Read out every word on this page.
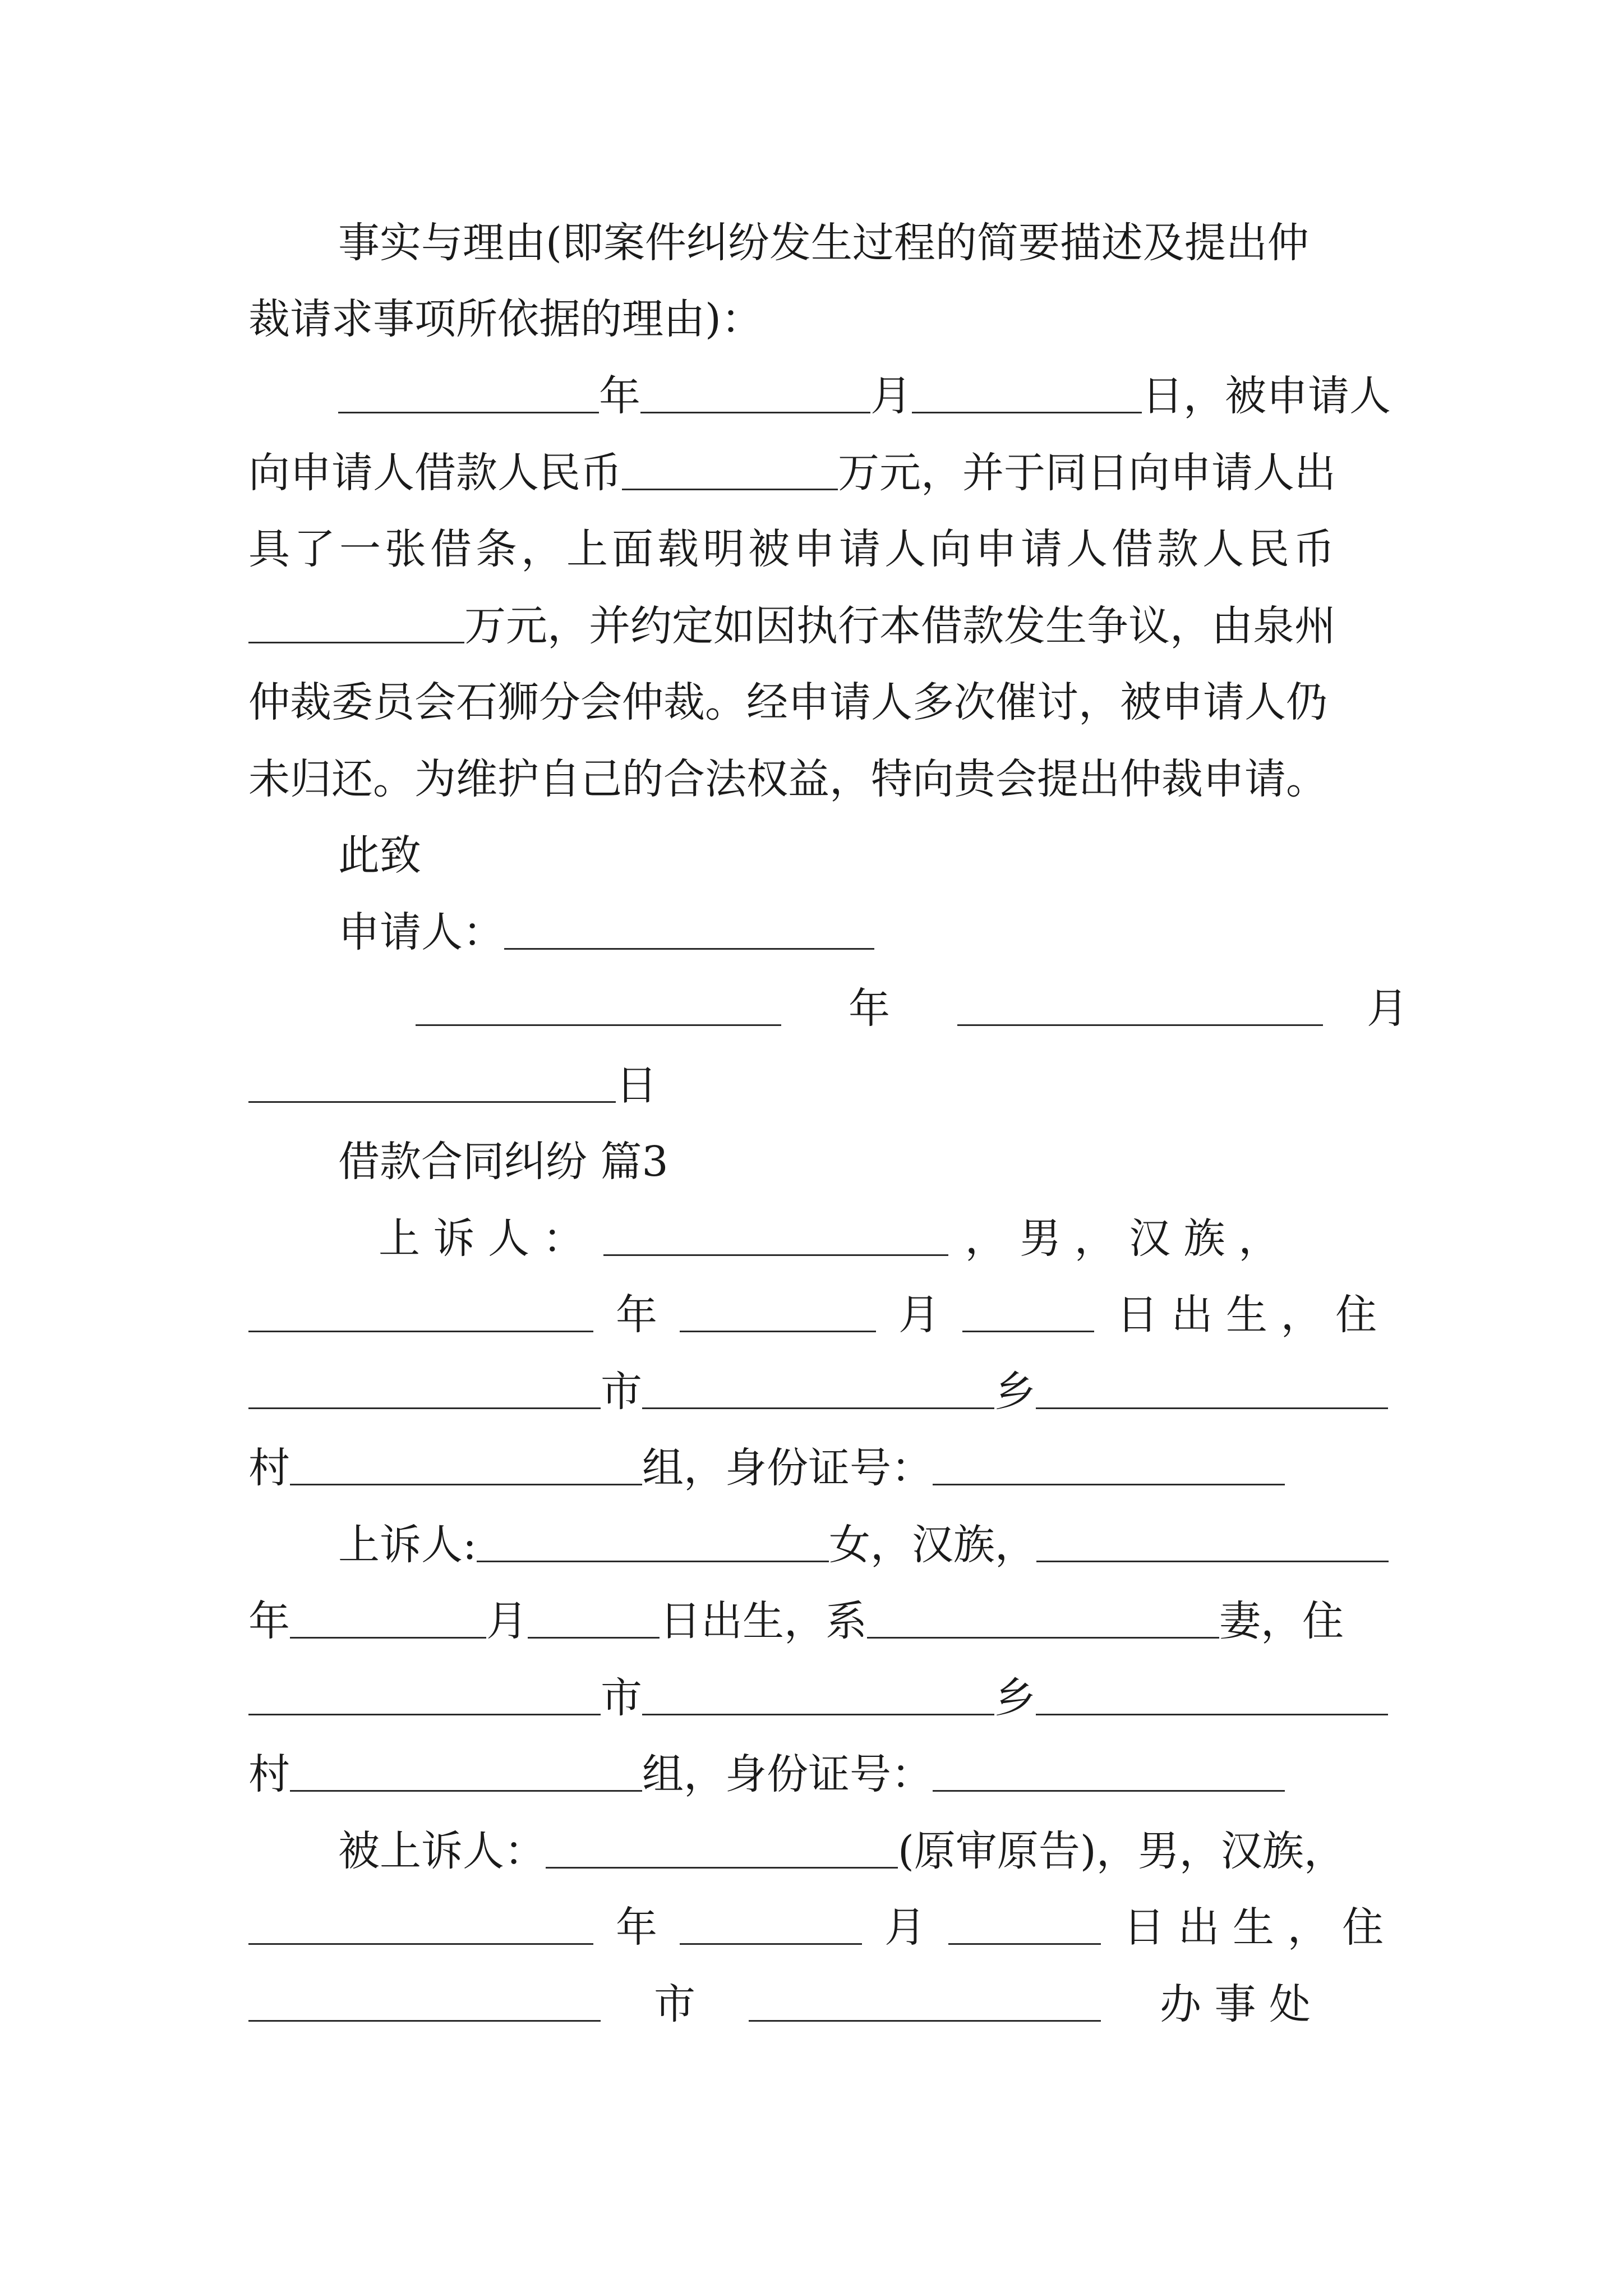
事实与理由(即案件纠纷发生过程的简要描述及提出仲
裁请求事项所依据的理由)：
年	月	日，被申请人
向申请人借款人民币	万元，并于同日向申请人出
具了一张借条，上面载明被申请人向申请人借款人民币
万元，并约定如因执行本借款发生争议，由泉州
仲裁委员会石狮分会仲裁。经申请人多次催讨，被申请人仍
未归还。为维护自己的合法权益，特向贵会提出仲裁申请。
此致
申请人：
年	月
日
借款合同纠纷 篇3
上 诉 人 ：	， 男 ， 汉 族 ，
年	月	日 出 生 ， 住
市	乡
村	组，身份证号：
上诉人:	女，汉族，
年	月	日出生，系	妻，住
市	乡
村	组，身份证号：
被上诉人：	(原审原告)，男，汉族，
年	月	日 出 生 ， 住
市	办 事 处
